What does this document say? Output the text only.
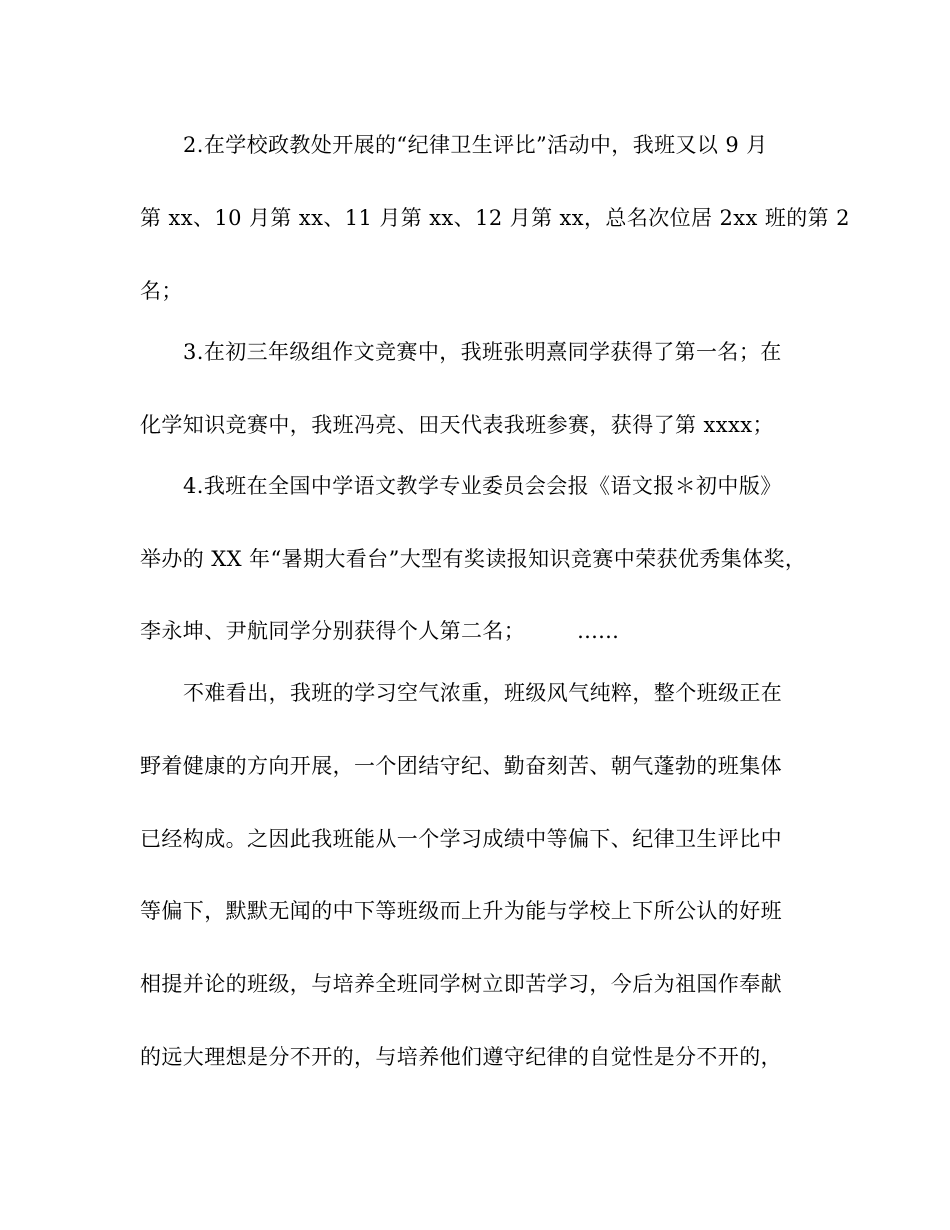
2.在学校政教处开展的“纪律卫生评比”活动中，我班又以 9 月
第 xx、10 月第 xx、11 月第 xx、12 月第 xx，总名次位居 2xx 班的第 2
名；
3.在初三年级组作文竞赛中，我班张明熹同学获得了第一名；在
化学知识竞赛中，我班冯亮、田天代表我班参赛，获得了第 xxxx；
4.我班在全国中学语文教学专业委员会会报《语文报＊初中版》
举办的 XX 年“暑期大看台”大型有奖读报知识竞赛中荣获优秀集体奖，
李永坤、尹航同学分别获得个人第二名； ……
不难看出，我班的学习空气浓重，班级风气纯粹，整个班级正在
野着健康的方向开展，一个团结守纪、勤奋刻苦、朝气蓬勃的班集体
已经构成。之因此我班能从一个学习成绩中等偏下、纪律卫生评比中
等偏下，默默无闻的中下等班级而上升为能与学校上下所公认的好班
相提并论的班级，与培养全班同学树立即苦学习，今后为祖国作奉献
的远大理想是分不开的，与培养他们遵守纪律的自觉性是分不开的，
